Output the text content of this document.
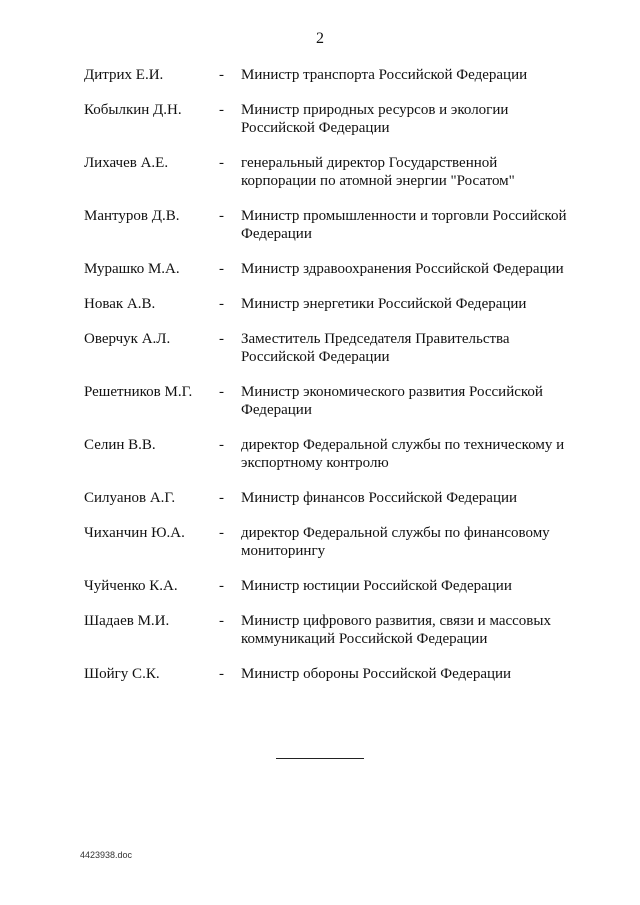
2
Дитрих Е.И.	- Министр транспорта Российской Федерации
Кобылкин Д.Н. - Министр природных ресурсов и экологии Российской Федерации
Лихачев А.Е.	- генеральный директор Государственной корпорации по атомной энергии "Росатом"
Мантуров Д.В.	- Министр промышленности и торговли Российской Федерации
Мурашко М.А.	- Министр здравоохранения Российской Федерации
Новак А.В.	- Министр энергетики Российской Федерации
Оверчук А.Л.	- Заместитель Председателя Правительства Российской Федерации
Решетников М.Г. - Министр экономического развития Российской Федерации
Селин В.В.	- директор Федеральной службы по техническому и экспортному контролю
Силуанов А.Г.	- Министр финансов Российской Федерации
Чиханчин Ю.А. - директор Федеральной службы по финансовому мониторингу
Чуйченко К.А.	- Министр юстиции Российской Федерации
Шадаев М.И.	- Министр цифрового развития, связи и массовых коммуникаций Российской Федерации
Шойгу С.К.	- Министр обороны Российской Федерации
4423938.doc
